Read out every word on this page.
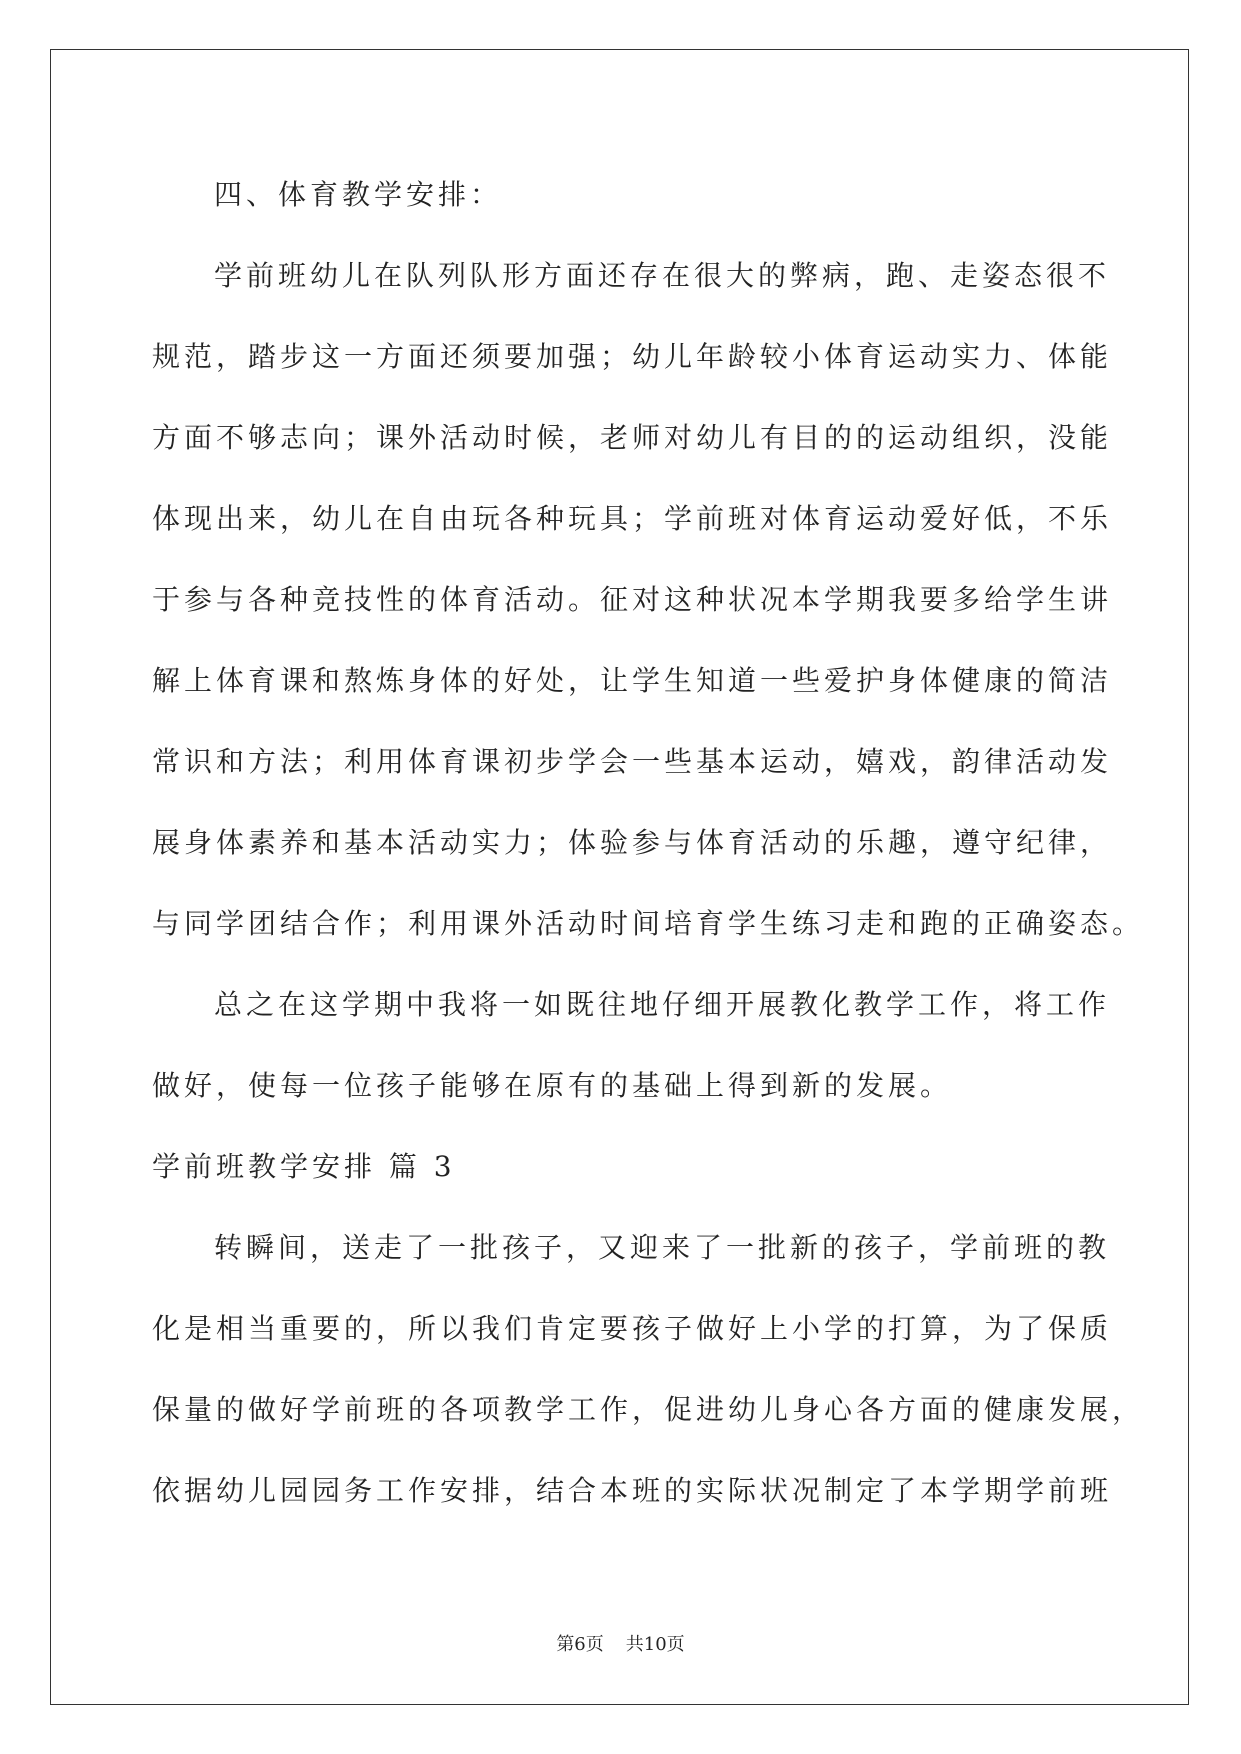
四、体育教学安排：
学前班幼儿在队列队形方面还存在很大的弊病，跑、走姿态很不
规范，踏步这一方面还须要加强；幼儿年龄较小体育运动实力、体能
方面不够志向；课外活动时候，老师对幼儿有目的的运动组织，没能
体现出来，幼儿在自由玩各种玩具；学前班对体育运动爱好低，不乐
于参与各种竞技性的体育活动。征对这种状况本学期我要多给学生讲
解上体育课和熬炼身体的好处，让学生知道一些爱护身体健康的简洁
常识和方法；利用体育课初步学会一些基本运动，嬉戏，韵律活动发
展身体素养和基本活动实力；体验参与体育活动的乐趣，遵守纪律，
与同学团结合作；利用课外活动时间培育学生练习走和跑的正确姿态。
总之在这学期中我将一如既往地仔细开展教化教学工作，将工作
做好，使每一位孩子能够在原有的基础上得到新的发展。
学前班教学安排 篇 3
转瞬间，送走了一批孩子，又迎来了一批新的孩子，学前班的教
化是相当重要的，所以我们肯定要孩子做好上小学的打算，为了保质
保量的做好学前班的各项教学工作，促进幼儿身心各方面的健康发展，
依据幼儿园园务工作安排，结合本班的实际状况制定了本学期学前班
第6页 共10页
